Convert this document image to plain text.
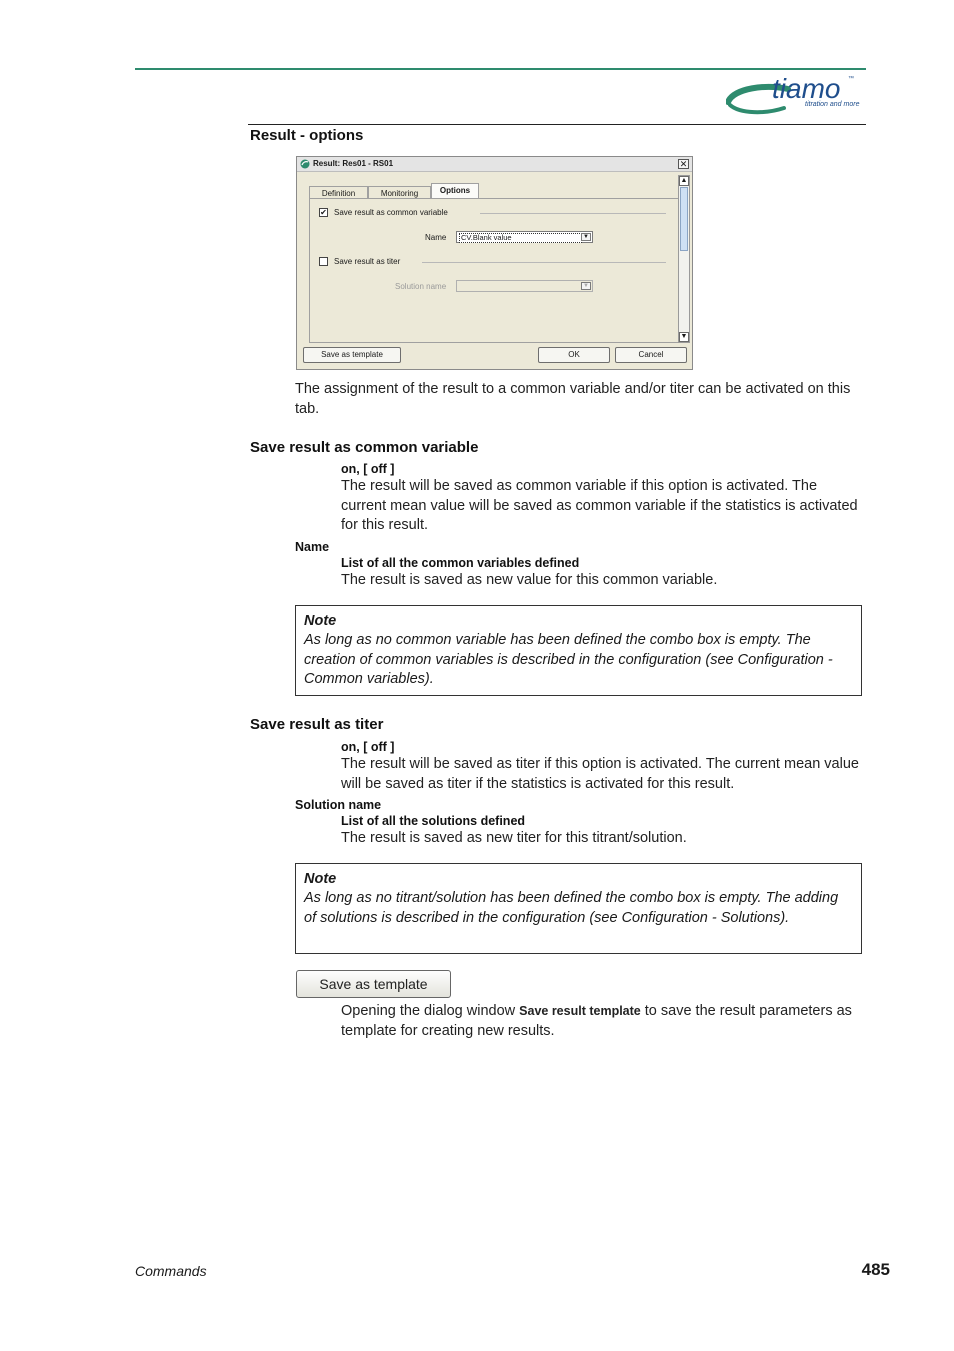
tiamo ™
titration and more
Result - options
Result: Res01 - RS01	✕
Definition	Monitoring	Options
✔ Save result as common variable
Name CV.Blank value	▼
Save result as titer
Solution name	▼
▲
▼
Save as template	OK	Cancel
The assignment of the result to a common variable and/or titer can be activated on this tab.
Save result as common variable
on, [ off ]
The result will be saved as common variable if this option is activated. The current mean value will be saved as common variable if the statistics is activated for this result.
Name
List of all the common variables defined
The result is saved as new value for this common variable.
Note
As long as no common variable has been defined the combo box is empty. The creation of common variables is described in the configuration (see Configuration - Common variables).
Save result as titer
on, [ off ]
The result will be saved as titer if this option is activated. The current mean value will be saved as titer if the statistics is activated for this result.
Solution name
List of all the solutions defined
The result is saved as new titer for this titrant/solution.
Note
As long as no titrant/solution has been defined the combo box is empty. The adding of solutions is described in the configuration (see Configuration - Solutions).
Save as template
Opening the dialog window Save result template to save the result parameters as template for creating new results.
Commands	485
